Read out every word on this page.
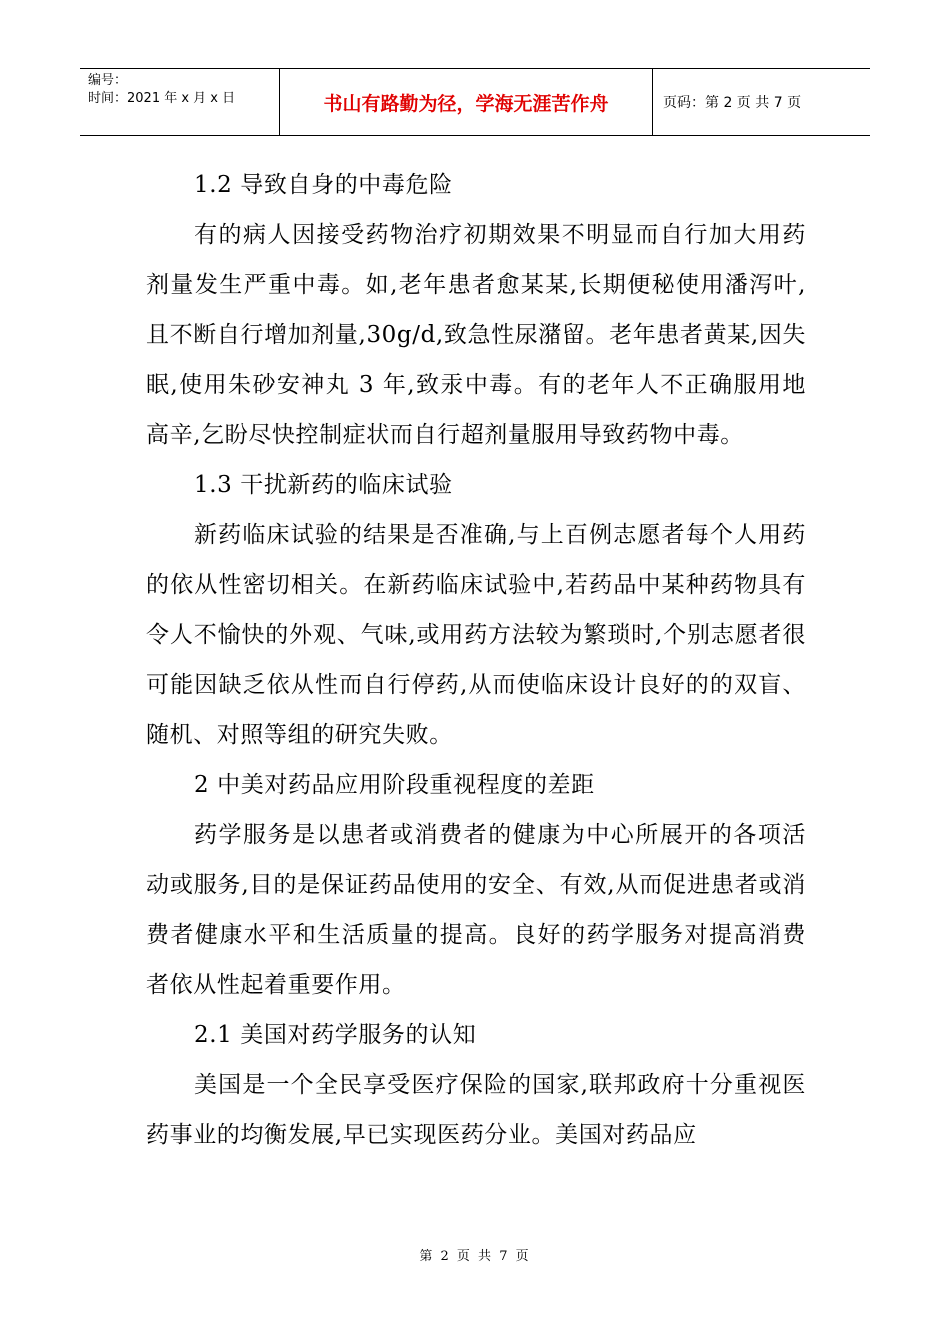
编号：
时间：2021 年 x 月 x 日	书山有路勤为径，学海无涯苦作舟	页码：第 2 页 共 7 页

1.2 导致自身的中毒危险

有的病人因接受药物治疗初期效果不明显而自行加大用药剂量发生严重中毒。如,老年患者愈某某,长期便秘使用潘泻叶,且不断自行增加剂量,30g/d,致急性尿潴留。老年患者黄某,因失眠,使用朱砂安神丸 3 年,致汞中毒。有的老年人不正确服用地高辛,乞盼尽快控制症状而自行超剂量服用导致药物中毒。

1.3 干扰新药的临床试验

新药临床试验的结果是否准确,与上百例志愿者每个人用药的依从性密切相关。在新药临床试验中,若药品中某种药物具有令人不愉快的外观、气味,或用药方法较为繁琐时,个别志愿者很可能因缺乏依从性而自行停药,从而使临床设计良好的的双盲、随机、对照等组的研究失败。

2 中美对药品应用阶段重视程度的差距

药学服务是以患者或消费者的健康为中心所展开的各项活动或服务,目的是保证药品使用的安全、有效,从而促进患者或消费者健康水平和生活质量的提高。良好的药学服务对提高消费者依从性起着重要作用。

2.1 美国对药学服务的认知

美国是一个全民享受医疗保险的国家,联邦政府十分重视医药事业的均衡发展,早已实现医药分业。美国对药品应

第 2 页 共 7 页
